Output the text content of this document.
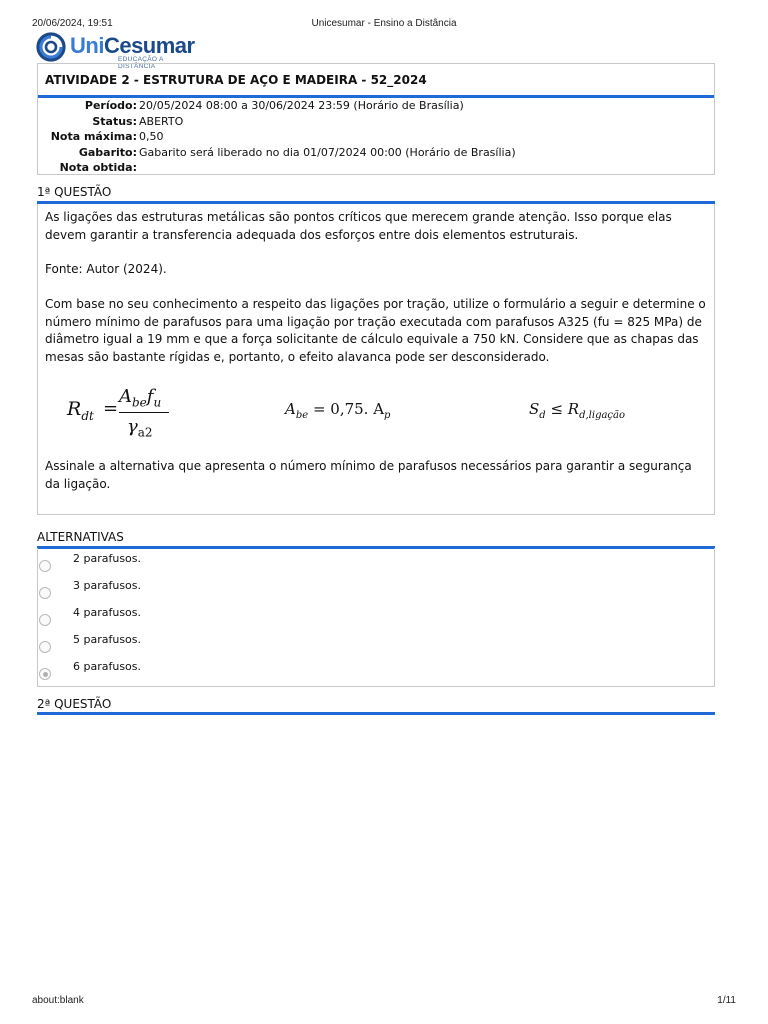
20/06/2024, 19:51	Unicesumar - Ensino a Distância
UniCesumar
EDUCAÇÃO A DISTÂNCIA
ATIVIDADE 2 - ESTRUTURA DE AÇO E MADEIRA - 52_2024
Período: 20/05/2024 08:00 a 30/06/2024 23:59 (Horário de Brasília)
Status: ABERTO
Nota máxima: 0,50
Gabarito: Gabarito será liberado no dia 01/07/2024 00:00 (Horário de Brasília)
Nota obtida:
1ª QUESTÃO
As ligações das estruturas metálicas são pontos críticos que merecem grande atenção. Isso porque elas devem garantir a transferencia adequada dos esforços entre dois elementos estruturais.
Fonte: Autor (2024).
Com base no seu conhecimento a respeito das ligações por tração, utilize o formulário a seguir e determine o número mínimo de parafusos para uma ligação por tração executada com parafusos A325 (fu = 825 MPa) de diâmetro igual a 19 mm e que a força solicitante de cálculo equivale a 750 kN. Considere que as chapas das mesas são bastante rígidas e, portanto, o efeito alavanca pode ser desconsiderado.
$R_{dt}$ =
$A_{be}f_u$
$\gamma_{a2}$
$A_{be} = 0,75$. $A_p$	$S_d \le R_{d,ligação}$
Assinale a alternativa que apresenta o número mínimo de parafusos necessários para garantir a segurança da ligação.
ALTERNATIVAS
2 parafusos.
3 parafusos.
4 parafusos.
5 parafusos.
6 parafusos.
2ª QUESTÃO
about:blank	1/11
